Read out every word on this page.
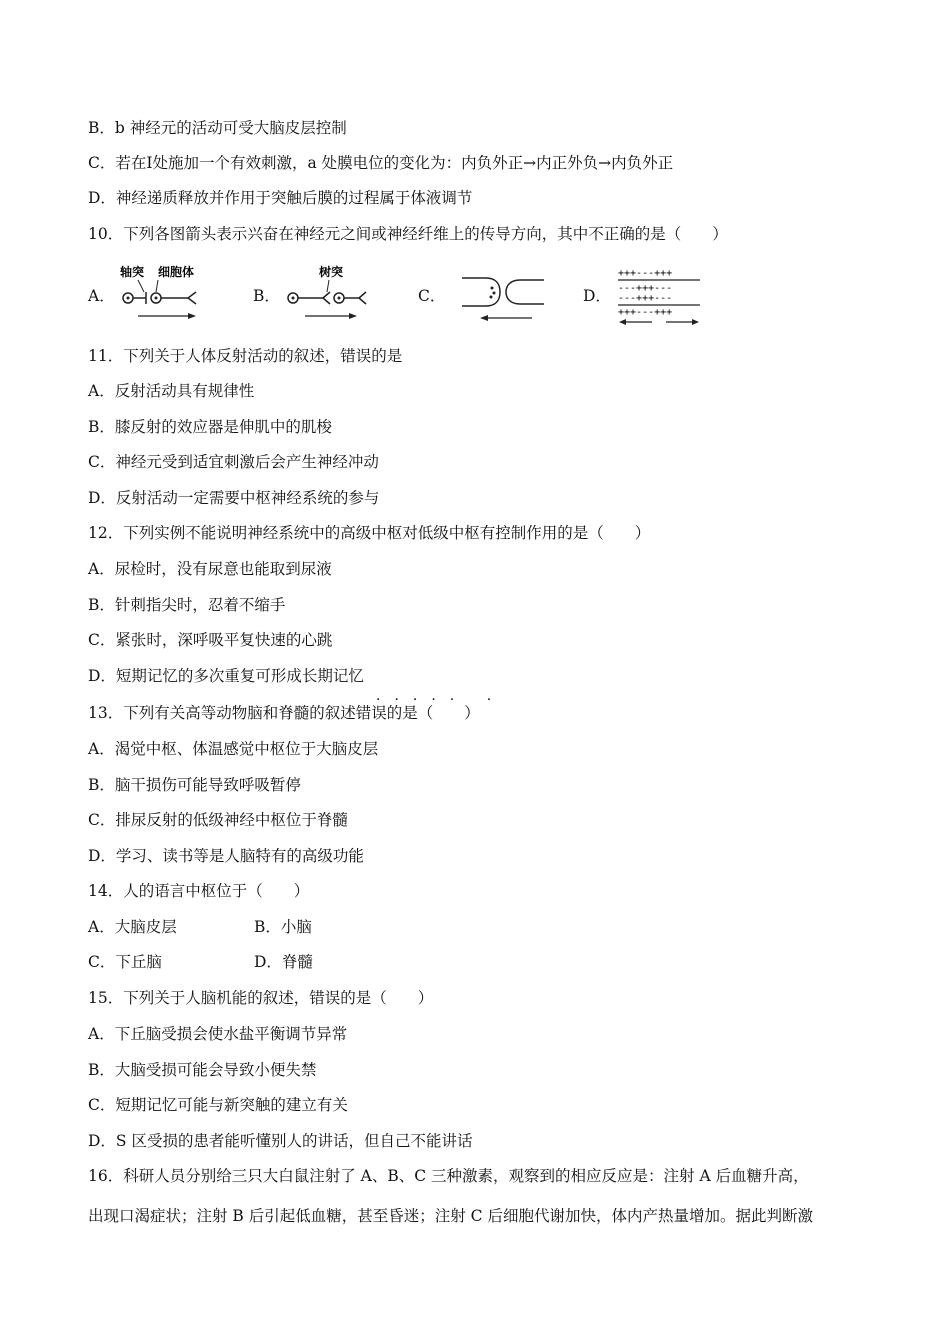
B．b 神经元的活动可受大脑皮层控制
C．若在Ⅰ处施加一个有效刺激，a 处膜电位的变化为：内负外正→内正外负→内负外正
D．神经递质释放并作用于突触后膜的过程属于体液调节
10．下列各图箭头表示兴奋在神经元之间或神经纤维上的传导方向，其中不正确的是（　　）
A．
轴突 细胞体
B．
树突
C．	D．
+++---+++
---+++---
---+++---
+++---+++
11．下列关于人体反射活动的叙述，错误的是
A．反射活动具有规律性
B．膝反射的效应器是伸肌中的肌梭
C．神经元受到适宜刺激后会产生神经冲动
D．反射活动一定需要中枢神经系统的参与
12．下列实例不能说明神经系统中的高级中枢对低级中枢有控制作用的是（　　）
A．尿检时，没有尿意也能取到尿液
B．针刺指尖时，忍着不缩手
C．紧张时，深呼吸平复快速的心跳
D．短期记忆的多次重复可形成长期记忆
····· ·
13．下列有关高等动物脑和脊髓的叙述错误的是（　　）
A．渴觉中枢、体温感觉中枢位于大脑皮层
B．脑干损伤可能导致呼吸暂停
C．排尿反射的低级神经中枢位于脊髓
D．学习、读书等是人脑特有的高级功能
14．人的语言中枢位于（　　）
A．大脑皮层	B．小脑
C．下丘脑	D．脊髓
15．下列关于人脑机能的叙述，错误的是（　　）
A．下丘脑受损会使水盐平衡调节异常
B．大脑受损可能会导致小便失禁
C．短期记忆可能与新突触的建立有关
D．S 区受损的患者能听懂别人的讲话，但自己不能讲话
16．科研人员分别给三只大白鼠注射了 A、B、C 三种激素，观察到的相应反应是：注射 A 后血糖升高，
出现口渴症状；注射 B 后引起低血糖，甚至昏迷；注射 C 后细胞代谢加快，体内产热量增加。据此判断激
